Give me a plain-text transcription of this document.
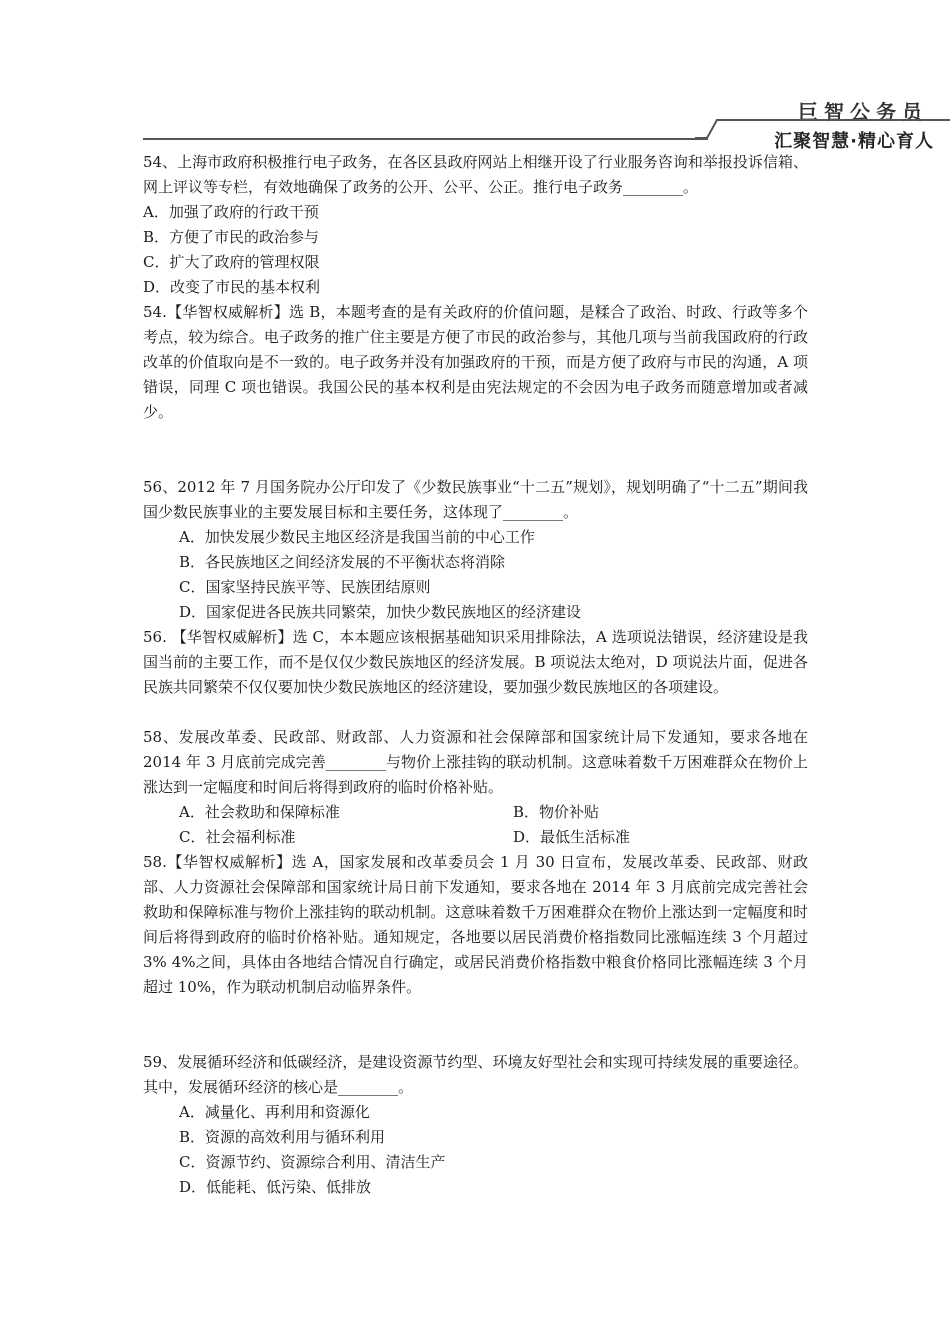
巨智公务员
汇聚智慧·精心育人

54、上海市政府积极推行电子政务，在各区县政府网站上相继开设了行业服务咨询和举报投诉信箱、网上评议等专栏，有效地确保了政务的公开、公平、公正。推行电子政务________。

A．加强了政府的行政干预

B．方便了市民的政治参与

C．扩大了政府的管理权限

D．改变了市民的基本权利

54.【华智权威解析】选 B，本题考查的是有关政府的价值问题，是糅合了政治、时政、行政等多个考点，较为综合。电子政务的推广住主要是方便了市民的政治参与，其他几项与当前我国政府的行政改革的价值取向是不一致的。电子政务并没有加强政府的干预，而是方便了政府与市民的沟通，A 项错误，同理 C 项也错误。我国公民的基本权利是由宪法规定的不会因为电子政务而随意增加或者减少。

56、2012 年 7 月国务院办公厅印发了《少数民族事业“十二五”规划》，规划明确了“十二五”期间我国少数民族事业的主要发展目标和主要任务，这体现了________。

A．加快发展少数民主地区经济是我国当前的中心工作

B．各民族地区之间经济发展的不平衡状态将消除

C．国家坚持民族平等、民族团结原则

D．国家促进各民族共同繁荣，加快少数民族地区的经济建设

56. 【华智权威解析】选 C，本本题应该根据基础知识采用排除法，A 选项说法错误，经济建设是我国当前的主要工作，而不是仅仅少数民族地区的经济发展。B 项说法太绝对，D 项说法片面，促进各民族共同繁荣不仅仅要加快少数民族地区的经济建设，要加强少数民族地区的各项建设。

58、发展改革委、民政部、财政部、人力资源和社会保障部和国家统计局下发通知，要求各地在 2014 年 3 月底前完成完善________与物价上涨挂钩的联动机制。这意味着数千万困难群众在物价上涨达到一定幅度和时间后将得到政府的临时价格补贴。

A．社会救助和保障标准	B．物价补贴
C．社会福利标准	D．最低生活标准

58.【华智权威解析】选 A，国家发展和改革委员会 1 月 30 日宣布，发展改革委、民政部、财政部、人力资源社会保障部和国家统计局日前下发通知，要求各地在 2014 年 3 月底前完成完善社会救助和保障标准与物价上涨挂钩的联动机制。这意味着数千万困难群众在物价上涨达到一定幅度和时间后将得到政府的临时价格补贴。通知规定，各地要以居民消费价格指数同比涨幅连续 3 个月超过 3% 4%之间，具体由各地结合情况自行确定，或居民消费价格指数中粮食价格同比涨幅连续 3 个月超过 10%，作为联动机制启动临界条件。

59、发展循环经济和低碳经济，是建设资源节约型、环境友好型社会和实现可持续发展的重要途径。其中，发展循环经济的核心是________。

A．减量化、再利用和资源化

B．资源的高效利用与循环利用

C．资源节约、资源综合利用、清洁生产

D．低能耗、低污染、低排放
